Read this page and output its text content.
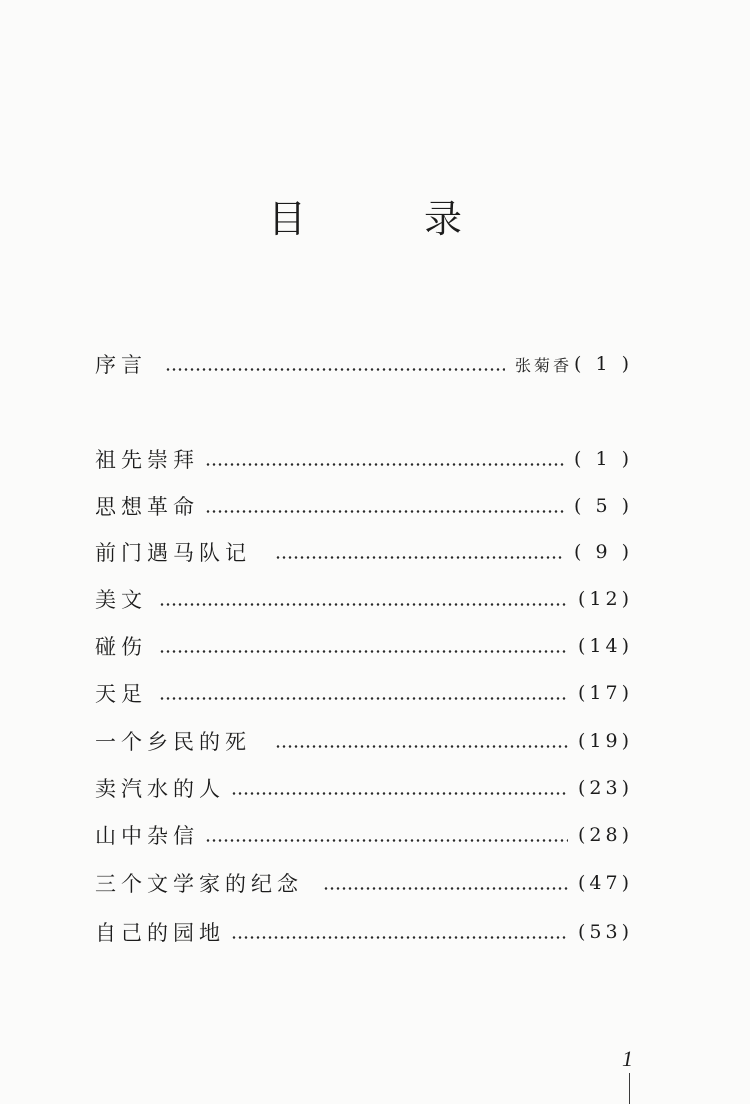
目　录
序言	张菊香 ( 1 )
祖先崇拜	( 1 )
思想革命	( 5 )
前门遇马队记	( 9 )
美文	(12)
碰伤	(14)
天足	(17)
一个乡民的死	(19)
卖汽水的人	(23)
山中杂信	(28)
三个文学家的纪念	(47)
自己的园地	(53)
1
